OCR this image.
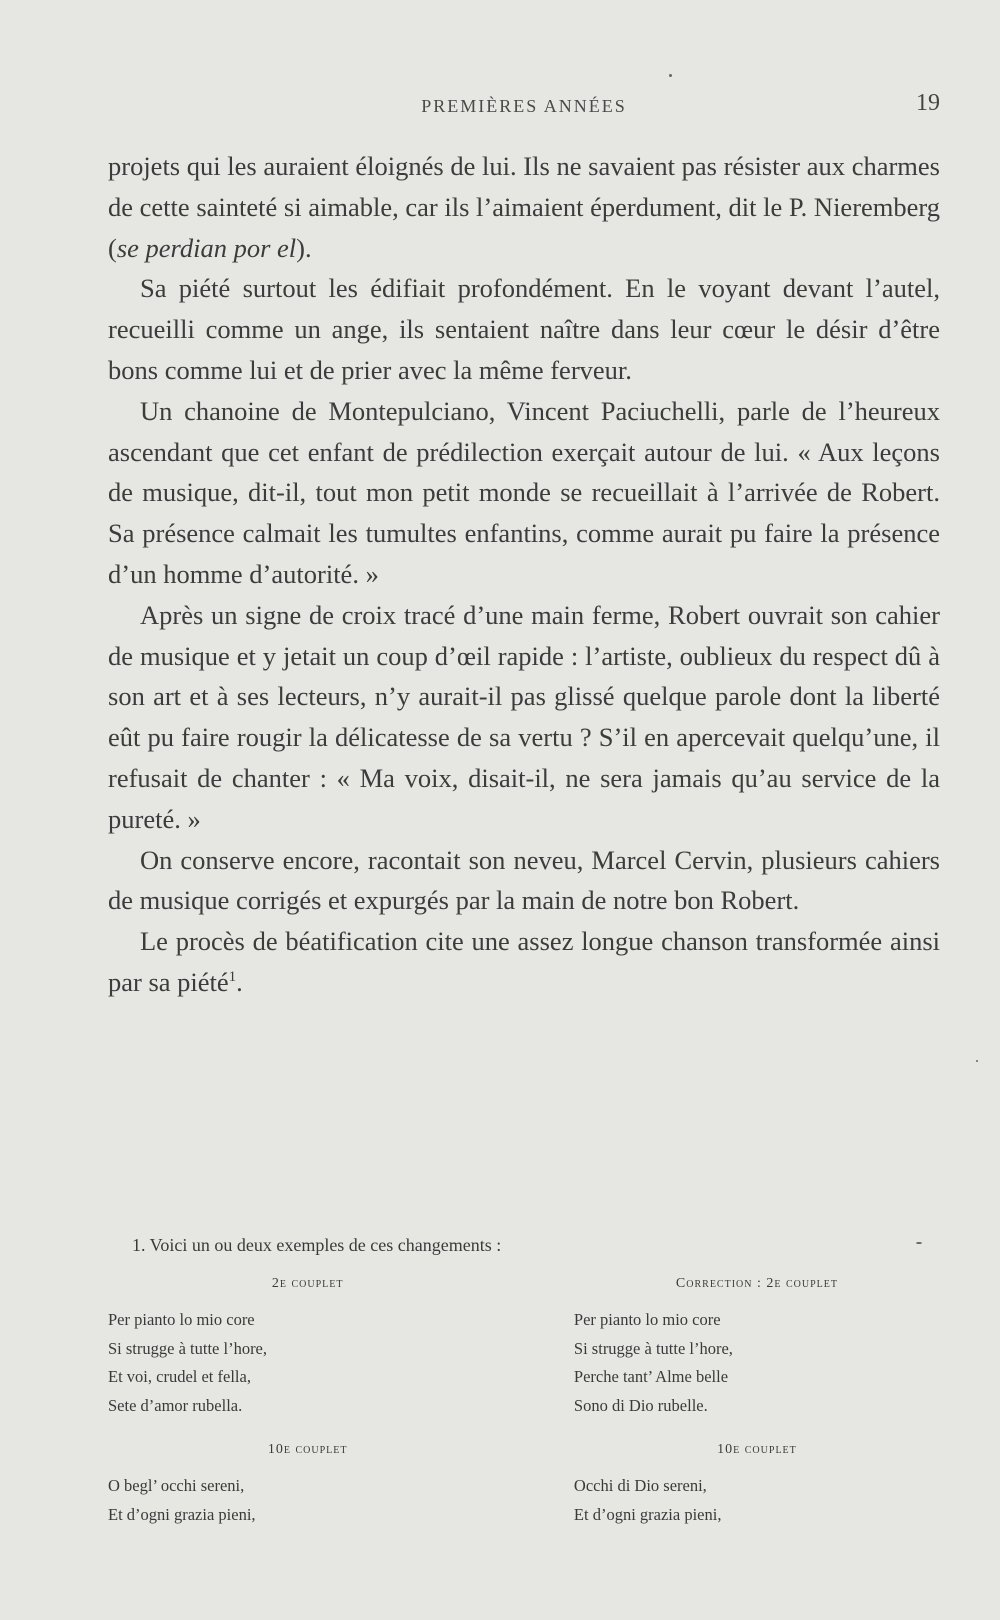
PREMIÈRES ANNÉES	19

projets qui les auraient éloignés de lui. Ils ne savaient pas résister aux charmes de cette sainteté si aimable, car ils l’aimaient éperdument, dit le P. Nieremberg (se perdian por el).

Sa piété surtout les édifiait profondément. En le voyant devant l’autel, recueilli comme un ange, ils sentaient naître dans leur cœur le désir d’être bons comme lui et de prier avec la même ferveur.

Un chanoine de Montepulciano, Vincent Paciuchelli, parle de l’heureux ascendant que cet enfant de prédilection exerçait autour de lui. « Aux leçons de musique, dit-il, tout mon petit monde se recueillait à l’arrivée de Robert. Sa présence calmait les tumultes enfantins, comme aurait pu faire la présence d’un homme d’autorité. »

Après un signe de croix tracé d’une main ferme, Robert ouvrait son cahier de musique et y jetait un coup d’œil rapide : l’artiste, oublieux du respect dû à son art et à ses lecteurs, n’y aurait-il pas glissé quelque parole dont la liberté eût pu faire rougir la délicatesse de sa vertu ? S’il en apercevait quelqu’une, il refusait de chanter : « Ma voix, disait-il, ne sera jamais qu’au service de la pureté. »

On conserve encore, racontait son neveu, Marcel Cervin, plusieurs cahiers de musique corrigés et expurgés par la main de notre bon Robert.

Le procès de béatification cite une assez longue chanson transformée ainsi par sa piété$^1$.

1. Voici un ou deux exemples de ces changements :

2e couplet

Per pianto lo mio core

Si strugge à tutte l’hore,

Et voi, crudel et fella,

Sete d’amor rubella.

10e couplet

O begl’ occhi sereni,

Et d’ogni grazia pieni,

Correction : 2e couplet

Per pianto lo mio core

Si strugge à tutte l’hore,

Perche tant’ Alme belle

Sono di Dio rubelle.

10e couplet

Occhi di Dio sereni,

Et d’ogni grazia pieni,
